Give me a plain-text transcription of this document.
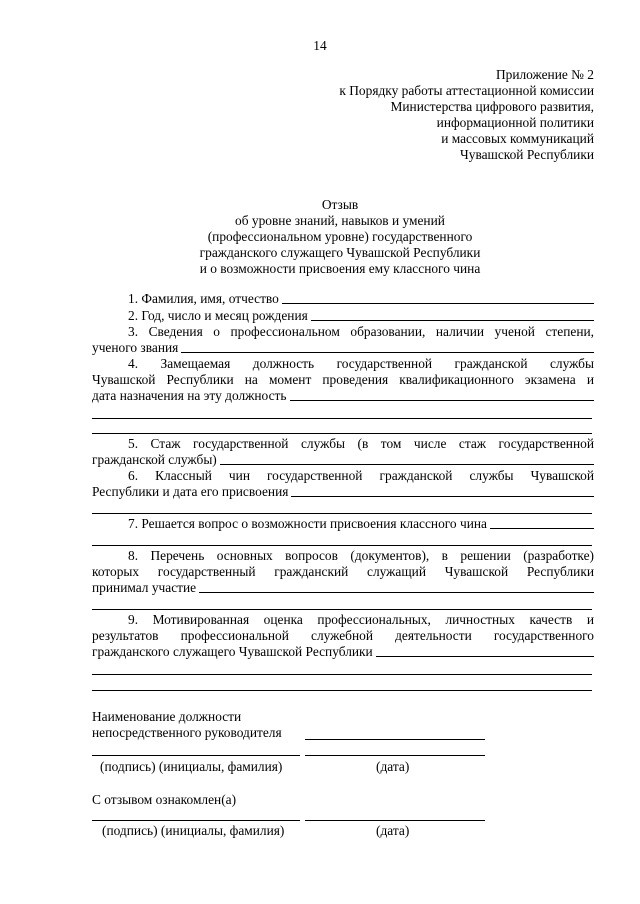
14
Приложение № 2
к Порядку работы аттестационной комиссии
Министерства цифрового развития,
информационной политики
и массовых коммуникаций
Чувашской Республики
Отзыв
об уровне знаний, навыков и умений
(профессиональном уровне) государственного
гражданского служащего Чувашской Республики
и о возможности присвоения ему классного чина
1. Фамилия, имя, отчество
2. Год, число и месяц рождения
3. Сведения о профессиональном образовании, наличии ученой степени,
ученого звания
4. Замещаемая должность государственной гражданской службы
Чувашской Республики на момент проведения квалификационного экзамена и
дата назначения на эту должность
5. Стаж государственной службы (в том числе стаж государственной
гражданской службы)
6. Классный чин государственной гражданской службы Чувашской
Республики и дата его присвоения
7. Решается вопрос о возможности присвоения классного чина
8. Перечень основных вопросов (документов), в решении (разработке)
которых государственный гражданский служащий Чувашской Республики
принимал участие
9. Мотивированная оценка профессиональных, личностных качеств и
результатов профессиональной служебной деятельности государственного
гражданского служащего Чувашской Республики
Наименование должности
непосредственного руководителя
(подпись) (инициалы, фамилия)	(дата)
С отзывом ознакомлен(а)
(подпись) (инициалы, фамилия)	(дата)
